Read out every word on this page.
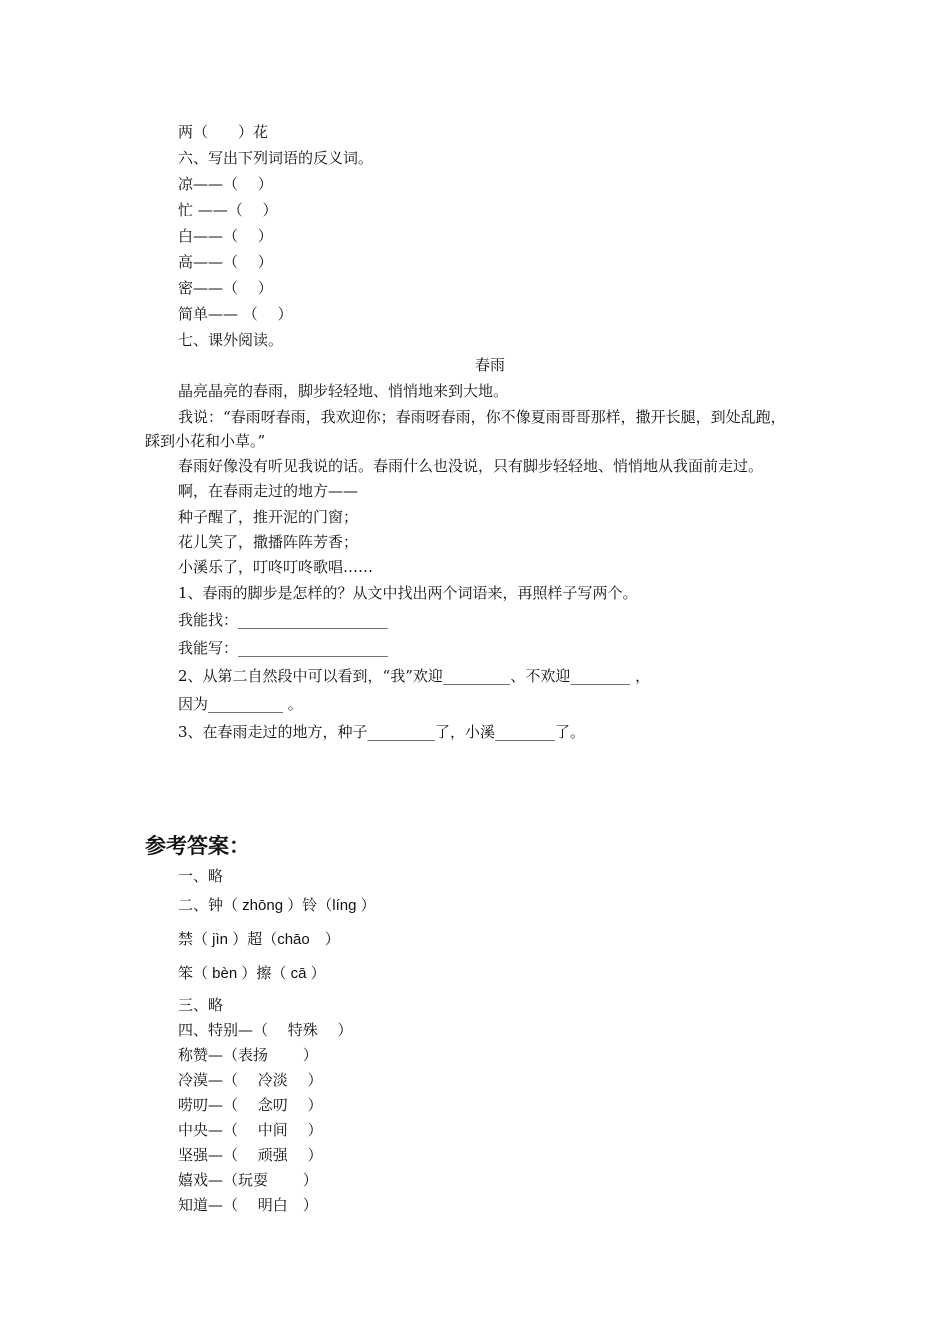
两（　　）花
六、写出下列词语的反义词。
凉——（　 ）
忙 ——（　 ）
白——（　 ）
高——（　 ）
密——（　 ）
简单—— （　 ）
七、课外阅读。
春雨
晶亮晶亮的春雨，脚步轻轻地、悄悄地来到大地。
我说：“春雨呀春雨，我欢迎你；春雨呀春雨，你不像夏雨哥哥那样，撒开长腿，到处乱跑，
踩到小花和小草。”
春雨好像没有听见我说的话。春雨什么也没说，只有脚步轻轻地、悄悄地从我面前走过。
啊，在春雨走过的地方——
种子醒了，推开泥的门窗；
花儿笑了，撒播阵阵芳香；
小溪乐了，叮咚叮咚歌唱……
1、春雨的脚步是怎样的？从文中找出两个词语来，再照样子写两个。
我能找：____________________
我能写：____________________
2、从第二自然段中可以看到，“我”欢迎_________、不欢迎________ ，
因为__________ 。
3、在春雨走过的地方，种子_________了，小溪________了。
参考答案：
一、略
二、钟（ zhōng ）铃（líng ）
禁（ jìn ）超（chāo　）
笨（ bèn ）擦（ cā ）
三、略
四、特别—（　 特殊　 ）
称赞—（表扬　　 ）
冷漠—（　 冷淡　 ）
唠叨—（　 念叨　 ）
中央—（　 中间　 ）
坚强—（　 顽强　 ）
嬉戏—（玩耍　　 ）
知道—（　 明白　）
